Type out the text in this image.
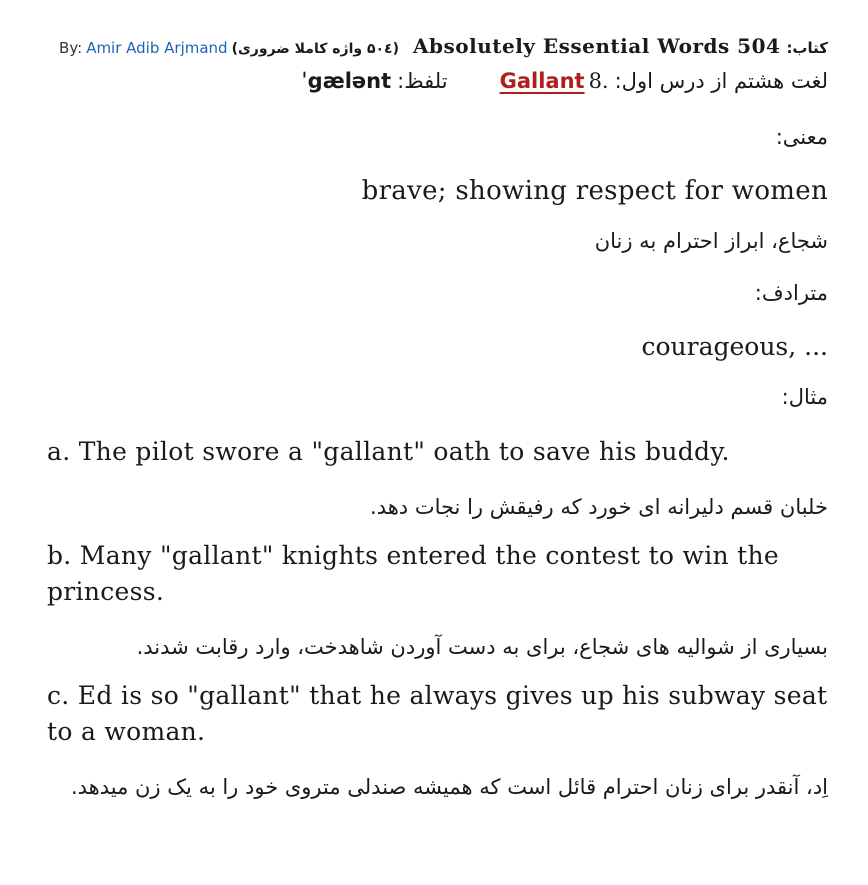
By: Amir Adib Arjmand (۵۰٤ واژه کاملا ضروری) Absolutely Essential Words 504 کتاب:
لغت هشتم از درس اول:
8.
Gallant
تلفظ:
ˈgælənt
معنی:
brave; showing respect for women
شجاع، ابراز احترام به زنان
مترادف:
courageous, ...
مثال:
a. The pilot swore a "gallant" oath to save his buddy.
خلبان قسم دلیرانه ای خورد که رفیقش را نجات دهد.
b. Many "gallant" knights entered the contest to win the princess.
بسیاری از شوالیه های شجاع، برای به دست آوردن شاهدخت، وارد رقابت شدند.
c. Ed is so "gallant" that he always gives up his subway seat to a woman.
اِد، آنقدر برای زنان احترام قائل است که همیشه صندلی متروی خود را به یک زن میدهد.
